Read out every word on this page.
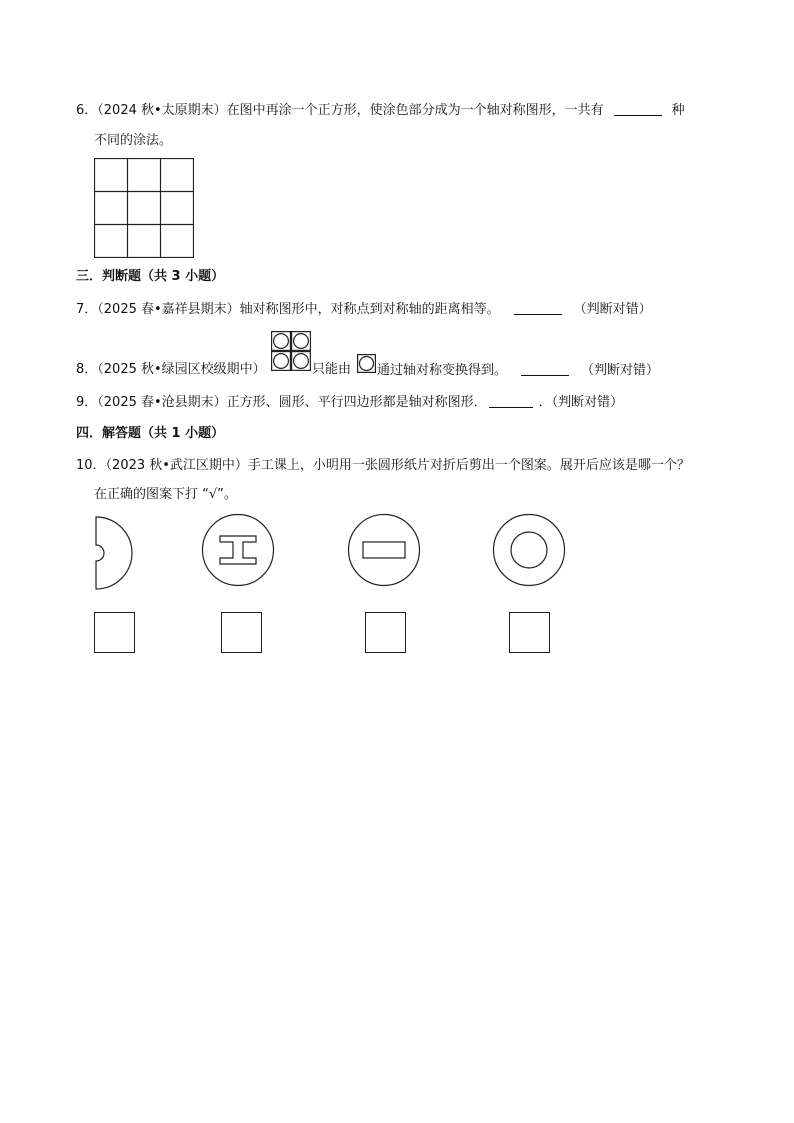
6．（2024 秋•太原期末）在图中再涂一个正方形，使涂色部分成为一个轴对称图形，一共有	种
不同的涂法。
三．判断题（共 3 小题）
7．（2025 春•嘉祥县期末）轴对称图形中，对称点到对称轴的距离相等。	（判断对错）
8．（2025 秋•绿园区校级期中）	只能由 通过轴对称变换得到。	（判断对错）
9．（2025 春•沧县期末）正方形、圆形、平行四边形都是轴对称图形．	．（判断对错）
四．解答题（共 1 小题）
10．（2023 秋•武江区期中）手工课上，小明用一张圆形纸片对折后剪出一个图案。展开后应该是哪一个？
在正确的图案下打 “√”。
